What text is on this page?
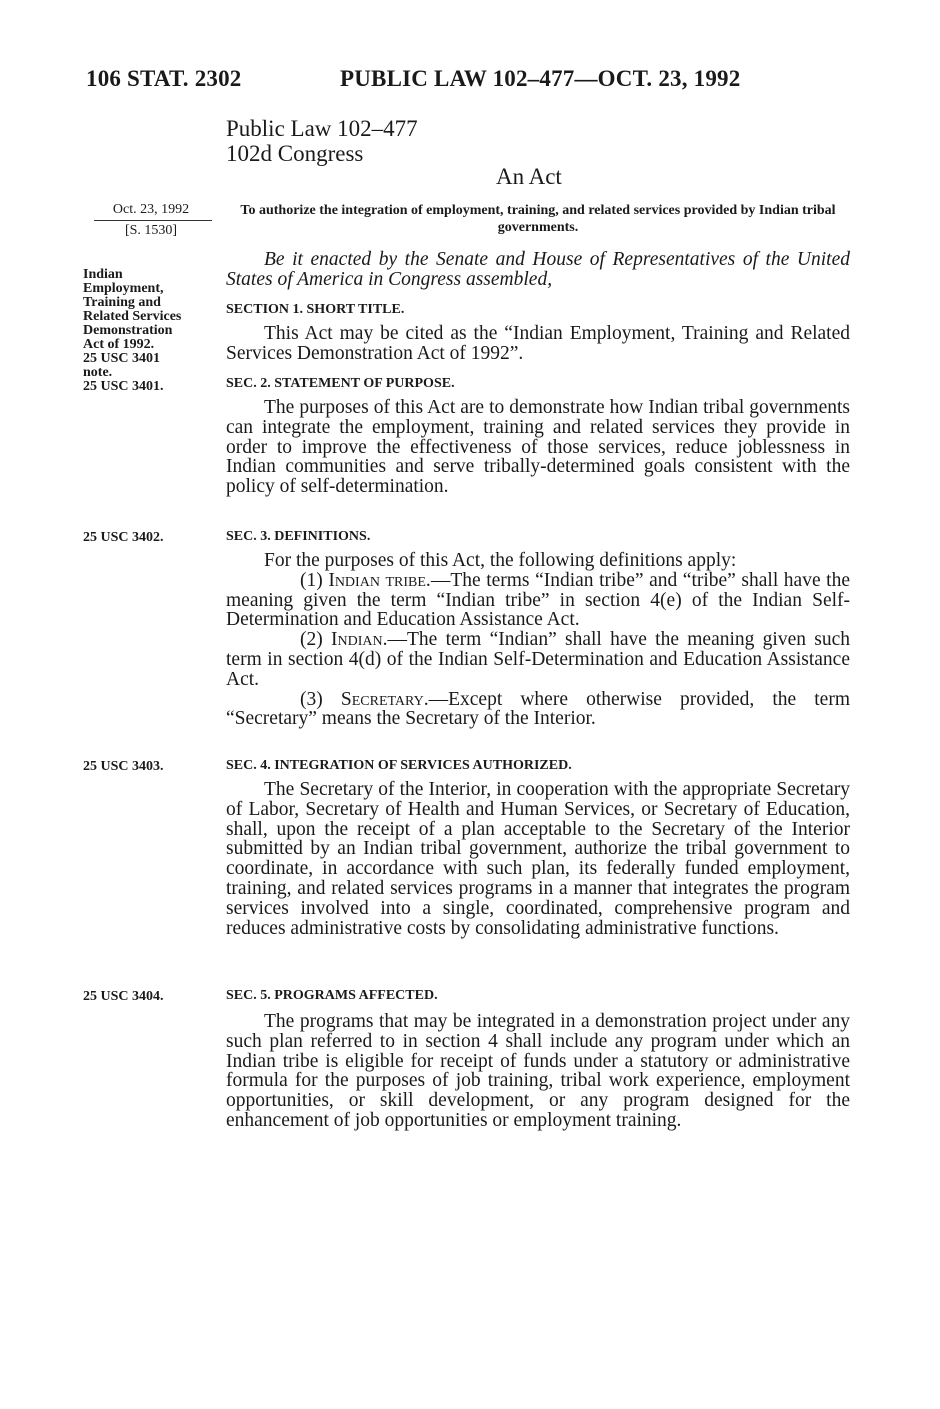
106 STAT. 2302	PUBLIC LAW 102–477—OCT. 23, 1992
Public Law 102–477
102d Congress
An Act
Oct. 23, 1992
[S. 1530]
To authorize the integration of employment, training, and related services provided by Indian tribal governments.
Indian
Employment,
Training and
Related Services
Demonstration
Act of 1992.
25 USC 3401
note.
25 USC 3401.
25 USC 3402.
25 USC 3403.
25 USC 3404.

Be it enacted by the Senate and House of Representatives of the United States of America in Congress assembled,

SECTION 1. SHORT TITLE.

This Act may be cited as the “Indian Employment, Training and Related Services Demonstration Act of 1992”.

SEC. 2. STATEMENT OF PURPOSE.

The purposes of this Act are to demonstrate how Indian tribal governments can integrate the employment, training and related services they provide in order to improve the effectiveness of those services, reduce joblessness in Indian communities and serve tribally-determined goals consistent with the policy of self-determination.

SEC. 3. DEFINITIONS.

For the purposes of this Act, the following definitions apply:

(1) Indian tribe.—The terms “Indian tribe” and “tribe” shall have the meaning given the term “Indian tribe” in section 4(e) of the Indian Self-Determination and Education Assistance Act.

(2) Indian.—The term “Indian” shall have the meaning given such term in section 4(d) of the Indian Self-Determination and Education Assistance Act.

(3) Secretary.—Except where otherwise provided, the term “Secretary” means the Secretary of the Interior.

SEC. 4. INTEGRATION OF SERVICES AUTHORIZED.

The Secretary of the Interior, in cooperation with the appropriate Secretary of Labor, Secretary of Health and Human Services, or Secretary of Education, shall, upon the receipt of a plan acceptable to the Secretary of the Interior submitted by an Indian tribal government, authorize the tribal government to coordinate, in accordance with such plan, its federally funded employment, training, and related services programs in a manner that integrates the program services involved into a single, coordinated, comprehensive program and reduces administrative costs by consolidating administrative functions.

SEC. 5. PROGRAMS AFFECTED.

The programs that may be integrated in a demonstration project under any such plan referred to in section 4 shall include any program under which an Indian tribe is eligible for receipt of funds under a statutory or administrative formula for the purposes of job training, tribal work experience, employment opportunities, or skill development, or any program designed for the enhancement of job opportunities or employment training.
